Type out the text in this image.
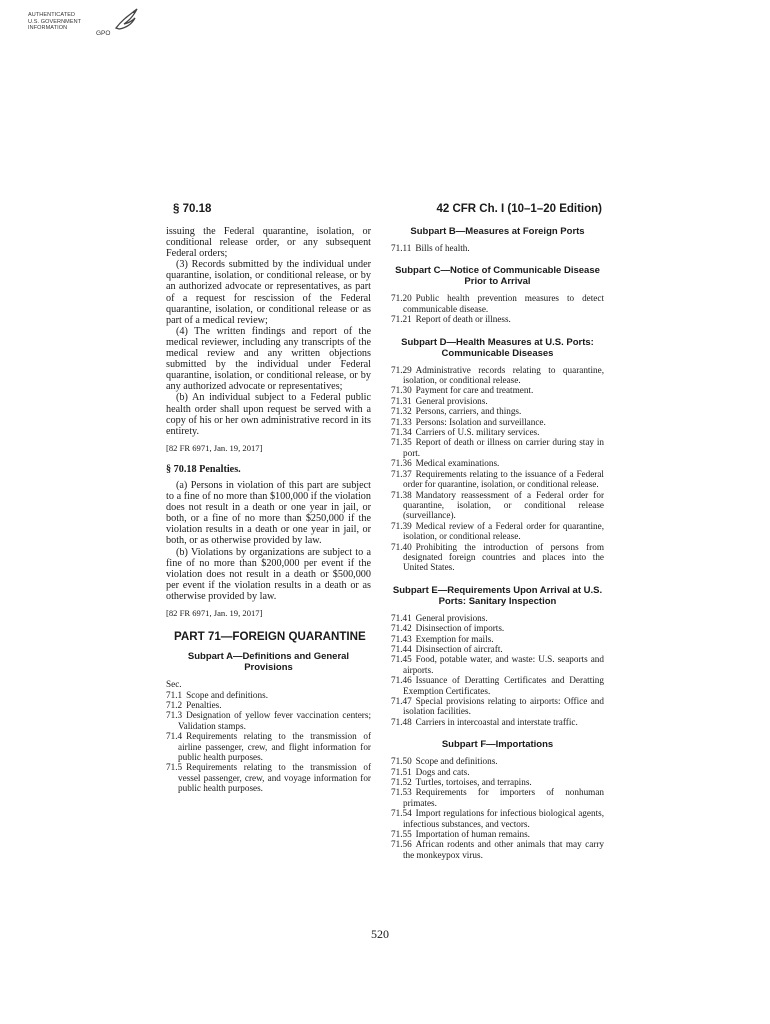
AUTHENTICATED
U.S. GOVERNMENT
INFORMATION
GPO
§ 70.18	42 CFR Ch. I (10–1–20 Edition)

issuing the Federal quarantine, isolation, or conditional release order, or any subsequent Federal orders;

(3) Records submitted by the individual under quarantine, isolation, or conditional release, or by an authorized advocate or representatives, as part of a request for rescission of the Federal quarantine, isolation, or conditional release or as part of a medical review;

(4) The written findings and report of the medical reviewer, including any transcripts of the medical review and any written objections submitted by the individual under Federal quarantine, isolation, or conditional release, or by any authorized advocate or representatives;

(b) An individual subject to a Federal public health order shall upon request be served with a copy of his or her own administrative record in its entirety.

[82 FR 6971, Jan. 19, 2017]

§ 70.18 Penalties.

(a) Persons in violation of this part are subject to a fine of no more than $100,000 if the violation does not result in a death or one year in jail, or both, or a fine of no more than $250,000 if the violation results in a death or one year in jail, or both, or as otherwise provided by law.

(b) Violations by organizations are subject to a fine of no more than $200,000 per event if the violation does not result in a death or $500,000 per event if the violation results in a death or as otherwise provided by law.

[82 FR 6971, Jan. 19, 2017]

PART 71—FOREIGN QUARANTINE
Subpart A—Definitions and General Provisions
Sec.
71.1 Scope and definitions.
71.2 Penalties.
71.3 Designation of yellow fever vaccination centers; Validation stamps.
71.4 Requirements relating to the transmission of airline passenger, crew, and flight information for public health purposes.
71.5 Requirements relating to the transmission of vessel passenger, crew, and voyage information for public health purposes.
Subpart B—Measures at Foreign Ports
71.11 Bills of health.
Subpart C—Notice of Communicable Disease Prior to Arrival
71.20 Public health prevention measures to detect communicable disease.
71.21 Report of death or illness.
Subpart D—Health Measures at U.S. Ports: Communicable Diseases
71.29 Administrative records relating to quarantine, isolation, or conditional release.
71.30 Payment for care and treatment.
71.31 General provisions.
71.32 Persons, carriers, and things.
71.33 Persons: Isolation and surveillance.
71.34 Carriers of U.S. military services.
71.35 Report of death or illness on carrier during stay in port.
71.36 Medical examinations.
71.37 Requirements relating to the issuance of a Federal order for quarantine, isolation, or conditional release.
71.38 Mandatory reassessment of a Federal order for quarantine, isolation, or conditional release (surveillance).
71.39 Medical review of a Federal order for quarantine, isolation, or conditional release.
71.40 Prohibiting the introduction of persons from designated foreign countries and places into the United States.
Subpart E—Requirements Upon Arrival at U.S. Ports: Sanitary Inspection
71.41 General provisions.
71.42 Disinsection of imports.
71.43 Exemption for mails.
71.44 Disinsection of aircraft.
71.45 Food, potable water, and waste: U.S. seaports and airports.
71.46 Issuance of Deratting Certificates and Deratting Exemption Certificates.
71.47 Special provisions relating to airports: Office and isolation facilities.
71.48 Carriers in intercoastal and interstate traffic.
Subpart F—Importations
71.50 Scope and definitions.
71.51 Dogs and cats.
71.52 Turtles, tortoises, and terrapins.
71.53 Requirements for importers of nonhuman primates.
71.54 Import regulations for infectious biological agents, infectious substances, and vectors.
71.55 Importation of human remains.
71.56 African rodents and other animals that may carry the monkeypox virus.
520
